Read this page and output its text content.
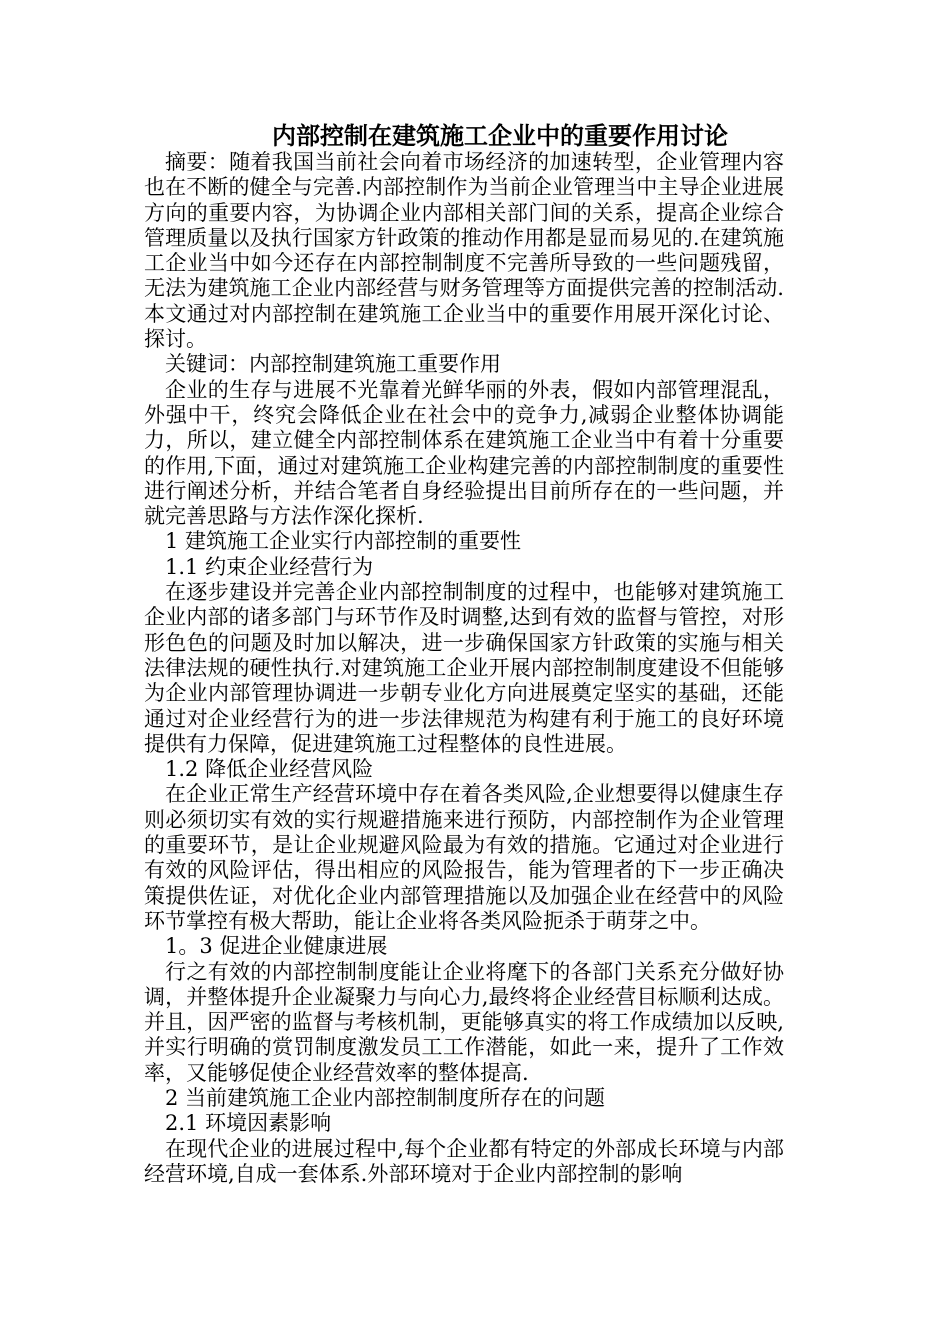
内部控制在建筑施工企业中的重要作用讨论

摘要：随着我国当前社会向着市场经济的加速转型，企业管理内容也在不断的健全与完善.内部控制作为当前企业管理当中主导企业进展方向的重要内容，为协调企业内部相关部门间的关系，提高企业综合管理质量以及执行国家方针政策的推动作用都是显而易见的.在建筑施工企业当中如今还存在内部控制制度不完善所导致的一些问题残留，无法为建筑施工企业内部经营与财务管理等方面提供完善的控制活动.本文通过对内部控制在建筑施工企业当中的重要作用展开深化讨论、探讨。

关键词：内部控制建筑施工重要作用

企业的生存与进展不光靠着光鲜华丽的外表，假如内部管理混乱，外强中干，终究会降低企业在社会中的竞争力,减弱企业整体协调能力，所以，建立健全内部控制体系在建筑施工企业当中有着十分重要的作用,下面，通过对建筑施工企业构建完善的内部控制制度的重要性进行阐述分析，并结合笔者自身经验提出目前所存在的一些问题，并就完善思路与方法作深化探析.

1 建筑施工企业实行内部控制的重要性

1.1 约束企业经营行为

在逐步建设并完善企业内部控制制度的过程中，也能够对建筑施工企业内部的诸多部门与环节作及时调整,达到有效的监督与管控，对形形色色的问题及时加以解决，进一步确保国家方针政策的实施与相关法律法规的硬性执行.对建筑施工企业开展内部控制制度建设不但能够为企业内部管理协调进一步朝专业化方向进展奠定坚实的基础，还能通过对企业经营行为的进一步法律规范为构建有利于施工的良好环境提供有力保障，促进建筑施工过程整体的良性进展。

1.2 降低企业经营风险

在企业正常生产经营环境中存在着各类风险,企业想要得以健康生存则必须切实有效的实行规避措施来进行预防，内部控制作为企业管理的重要环节，是让企业规避风险最为有效的措施。它通过对企业进行有效的风险评估，得出相应的风险报告，能为管理者的下一步正确决策提供佐证，对优化企业内部管理措施以及加强企业在经营中的风险环节掌控有极大帮助，能让企业将各类风险扼杀于萌芽之中。

1。3 促进企业健康进展

行之有效的内部控制制度能让企业将麾下的各部门关系充分做好协调，并整体提升企业凝聚力与向心力,最终将企业经营目标顺利达成。并且，因严密的监督与考核机制，更能够真实的将工作成绩加以反映,并实行明确的赏罚制度激发员工工作潜能，如此一来，提升了工作效率，又能够促使企业经营效率的整体提高.

2 当前建筑施工企业内部控制制度所存在的问题

2.1 环境因素影响

在现代企业的进展过程中,每个企业都有特定的外部成长环境与内部经营环境,自成一套体系.外部环境对于企业内部控制的影响
